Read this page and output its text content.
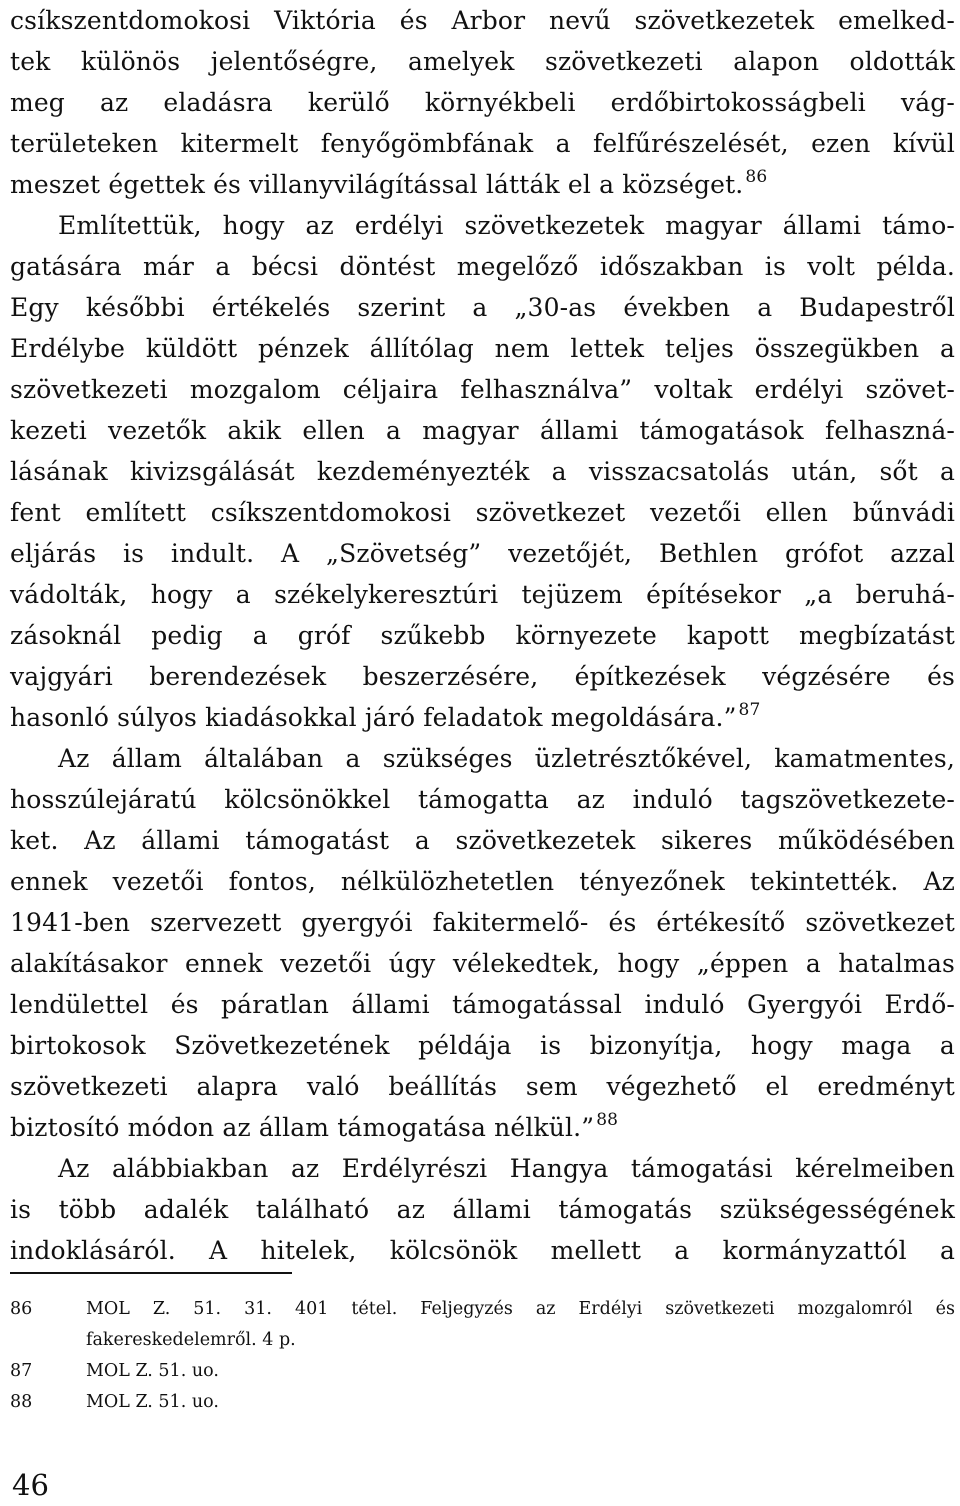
csíkszentdomokosi Viktória és Arbor nevű szövetkezetek emelked-
tek különös jelentőségre, amelyek szövetkezeti alapon oldották
meg az eladásra kerülő környékbeli erdőbirtokosságbeli vág-
területeken kitermelt fenyőgömbfának a felfűrészelését, ezen kívül
meszet égettek és villanyvilágítással látták el a községet. $^{86}$
Említettük, hogy az erdélyi szövetkezetek magyar állami támo-
gatására már a bécsi döntést megelőző időszakban is volt példa.
Egy későbbi értékelés szerint a „30-as években a Budapestről
Erdélybe küldött pénzek állítólag nem lettek teljes összegükben a
szövetkezeti mozgalom céljaira felhasználva” voltak erdélyi szövet-
kezeti vezetők akik ellen a magyar állami támogatások felhaszná-
lásának kivizsgálását kezdeményezték a visszacsatolás után, sőt a
fent említett csíkszentdomokosi szövetkezet vezetői ellen bűnvádi
eljárás is indult. A „Szövetség” vezetőjét, Bethlen grófot azzal
vádolták, hogy a székelykeresztúri tejüzem építésekor „a beruhá-
zásoknál pedig a gróf szűkebb környezete kapott megbízatást
vajgyári berendezések beszerzésére, építkezések végzésére és
hasonló súlyos kiadásokkal járó feladatok megoldására.” $^{87}$
Az állam általában a szükséges üzletrésztőkével, kamatmentes,
hosszúlejáratú kölcsönökkel támogatta az induló tagszövetkezete-
ket. Az állami támogatást a szövetkezetek sikeres működésében
ennek vezetői fontos, nélkülözhetetlen tényezőnek tekintették. Az
1941-ben szervezett gyergyói fakitermelő- és értékesítő szövetkezet
alakításakor ennek vezetői úgy vélekedtek, hogy „éppen a hatalmas
lendülettel és páratlan állami támogatással induló Gyergyói Erdő-
birtokosok Szövetkezetének példája is bizonyítja, hogy maga a
szövetkezeti alapra való beállítás sem végezhető el eredményt
biztosító módon az állam támogatása nélkül.” $^{88}$
Az alábbiakban az Erdélyrészi Hangya támogatási kérelmeiben
is több adalék található az állami támogatás szükségességének
indoklásáról. A hitelek, kölcsönök mellett a kormányzattól a
86	MOL Z. 51. 31. 401 tétel. Feljegyzés az Erdélyi szövetkezeti mozgalomról és
fakereskedelemről. 4 p.
87	MOL Z. 51. uo.
88	MOL Z. 51. uo.
46
